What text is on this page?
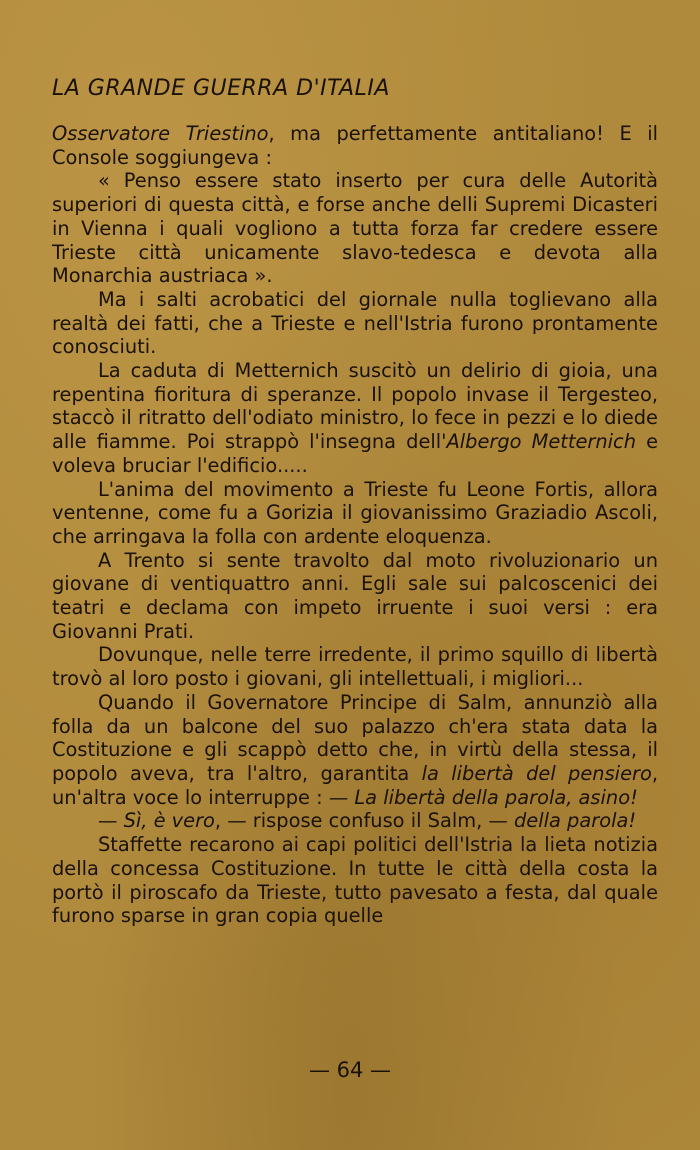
LA GRANDE GUERRA D'ITALIA

Osservatore Triestino, ma perfettamente antitaliano! E il Console soggiungeva :

« Penso essere stato inserto per cura delle Autorità superiori di questa città, e forse anche delli Supremi Dicasteri in Vienna i quali vogliono a tutta forza far credere essere Trieste città unicamente slavo-tedesca e devota alla Monarchia austriaca ».

Ma i salti acrobatici del giornale nulla toglievano alla realtà dei fatti, che a Trieste e nell'Istria furono prontamente conosciuti.

La caduta di Metternich suscitò un delirio di gioia, una repentina fioritura di speranze. Il popolo invase il Tergesteo, staccò il ritratto dell'odiato ministro, lo fece in pezzi e lo diede alle fiamme. Poi strappò l'insegna dell'Albergo Metternich e voleva bruciar l'edificio.....

L'anima del movimento a Trieste fu Leone Fortis, allora ventenne, come fu a Gorizia il giovanissimo Graziadio Ascoli, che arringava la folla con ardente eloquenza.

A Trento si sente travolto dal moto rivoluzionario un giovane di ventiquattro anni. Egli sale sui palcoscenici dei teatri e declama con impeto irruente i suoi versi : era Giovanni Prati.

Dovunque, nelle terre irredente, il primo squillo di libertà trovò al loro posto i giovani, gli intellettuali, i migliori...

Quando il Governatore Principe di Salm, annunziò alla folla da un balcone del suo palazzo ch'era stata data la Costituzione e gli scappò detto che, in virtù della stessa, il popolo aveva, tra l'altro, garantita la libertà del pensiero, un'altra voce lo interruppe : — La libertà della parola, asino!

— Sì, è vero, — rispose confuso il Salm, — della parola!

Staffette recarono ai capi politici dell'Istria la lieta notizia della concessa Costituzione. In tutte le città della costa la portò il piroscafo da Trieste, tutto pavesato a festa, dal quale furono sparse in gran copia quelle

— 64 —
